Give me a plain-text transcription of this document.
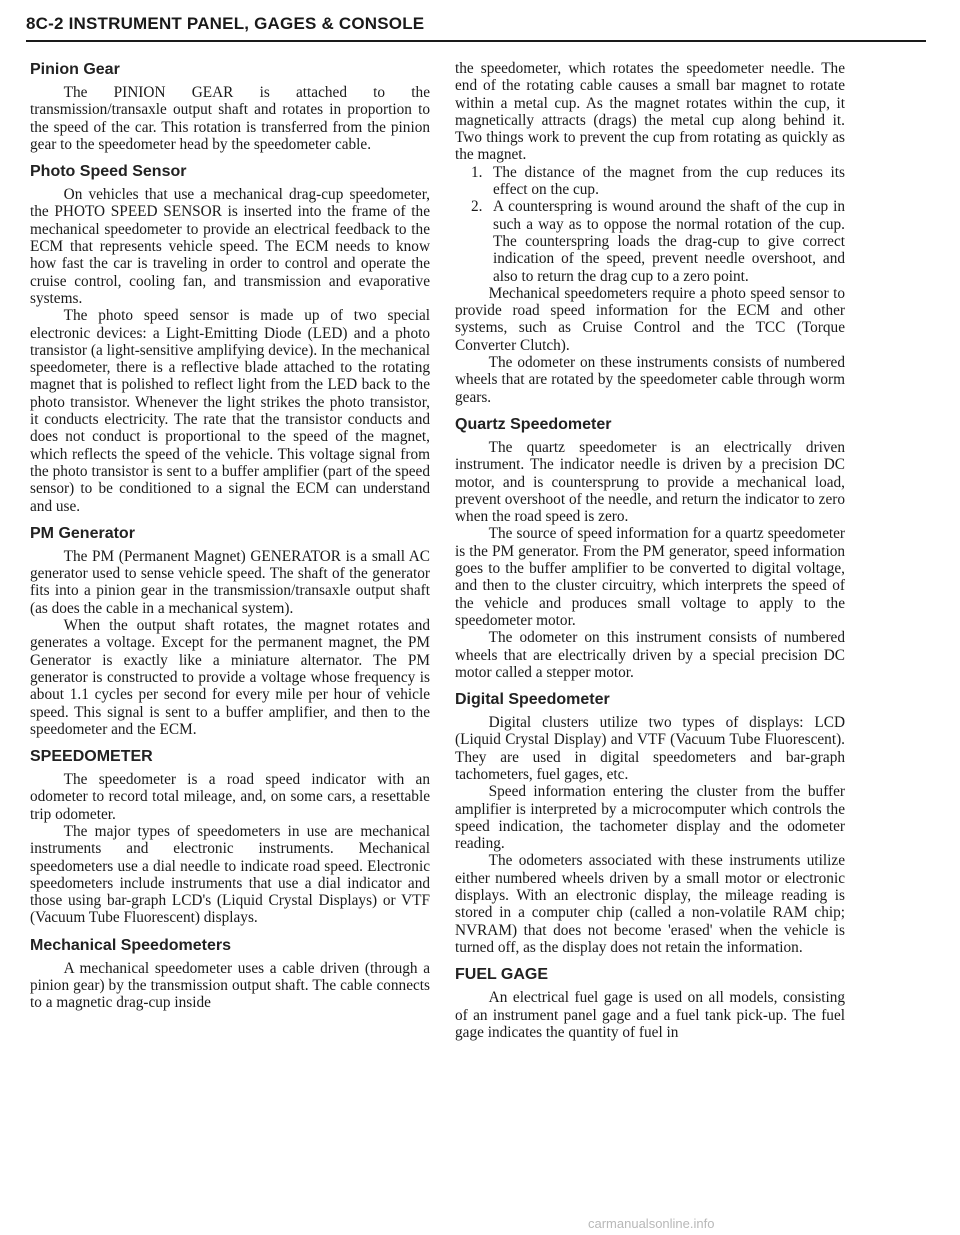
8C-2 INSTRUMENT PANEL, GAGES & CONSOLE
Pinion Gear

The PINION GEAR is attached to the transmission/transaxle output shaft and rotates in proportion to the speed of the car. This rotation is transferred from the pinion gear to the speedometer head by the speedometer cable.

Photo Speed Sensor

On vehicles that use a mechanical drag-cup speedometer, the PHOTO SPEED SENSOR is inserted into the frame of the mechanical speedometer to provide an electrical feedback to the ECM that represents vehicle speed. The ECM needs to know how fast the car is traveling in order to control and operate the cruise control, cooling fan, and transmission and evaporative systems.

The photo speed sensor is made up of two special electronic devices: a Light-Emitting Diode (LED) and a photo transistor (a light-sensitive amplifying device). In the mechanical speedometer, there is a reflective blade attached to the rotating magnet that is polished to reflect light from the LED back to the photo transistor. Whenever the light strikes the photo transistor, it conducts electricity. The rate that the transistor conducts and does not conduct is proportional to the speed of the magnet, which reflects the speed of the vehicle. This voltage signal from the photo transistor is sent to a buffer amplifier (part of the speed sensor) to be conditioned to a signal the ECM can understand and use.

PM Generator

The PM (Permanent Magnet) GENERATOR is a small AC generator used to sense vehicle speed. The shaft of the generator fits into a pinion gear in the transmission/transaxle output shaft (as does the cable in a mechanical system).

When the output shaft rotates, the magnet rotates and generates a voltage. Except for the permanent magnet, the PM Generator is exactly like a miniature alternator. The PM generator is constructed to provide a voltage whose frequency is about 1.1 cycles per second for every mile per hour of vehicle speed. This signal is sent to a buffer amplifier, and then to the speedometer and the ECM.

SPEEDOMETER

The speedometer is a road speed indicator with an odometer to record total mileage, and, on some cars, a resettable trip odometer.

The major types of speedometers in use are mechanical instruments and electronic instruments. Mechanical speedometers use a dial needle to indicate road speed. Electronic speedometers include instruments that use a dial indicator and those using bar-graph LCD's (Liquid Crystal Displays) or VTF (Vacuum Tube Fluorescent) displays.

Mechanical Speedometers

A mechanical speedometer uses a cable driven (through a pinion gear) by the transmission output shaft. The cable connects to a magnetic drag-cup inside

the speedometer, which rotates the speedometer needle. The end of the rotating cable causes a small bar magnet to rotate within a metal cup. As the magnet rotates within the cup, it magnetically attracts (drags) the metal cup along behind it. Two things work to prevent the cup from rotating as quickly as the magnet.

1. The distance of the magnet from the cup reduces its effect on the cup.
2. A counterspring is wound around the shaft of the cup in such a way as to oppose the normal rotation of the cup. The counterspring loads the drag-cup to give correct indication of the speed, prevent needle overshoot, and also to return the drag cup to a zero point.

Mechanical speedometers require a photo speed sensor to provide road speed information for the ECM and other systems, such as Cruise Control and the TCC (Torque Converter Clutch).

The odometer on these instruments consists of numbered wheels that are rotated by the speedometer cable through worm gears.

Quartz Speedometer

The quartz speedometer is an electrically driven instrument. The indicator needle is driven by a precision DC motor, and is countersprung to provide a mechanical load, prevent overshoot of the needle, and return the indicator to zero when the road speed is zero.

The source of speed information for a quartz speedometer is the PM generator. From the PM generator, speed information goes to the buffer amplifier to be converted to digital voltage, and then to the cluster circuitry, which interprets the speed of the vehicle and produces small voltage to apply to the speedometer motor.

The odometer on this instrument consists of numbered wheels that are electrically driven by a special precision DC motor called a stepper motor.

Digital Speedometer

Digital clusters utilize two types of displays: LCD (Liquid Crystal Display) and VTF (Vacuum Tube Fluorescent). They are used in digital speedometers and bar-graph tachometers, fuel gages, etc.

Speed information entering the cluster from the buffer amplifier is interpreted by a microcomputer which controls the speed indication, the tachometer display and the odometer reading.

The odometers associated with these instruments utilize either numbered wheels driven by a small motor or electronic displays. With an electronic display, the mileage reading is stored in a computer chip (called a non-volatile RAM chip; NVRAM) that does not become 'erased' when the vehicle is turned off, as the display does not retain the information.

FUEL GAGE

An electrical fuel gage is used on all models, consisting of an instrument panel gage and a fuel tank pick-up. The fuel gage indicates the quantity of fuel in

carmanualsonline.info
